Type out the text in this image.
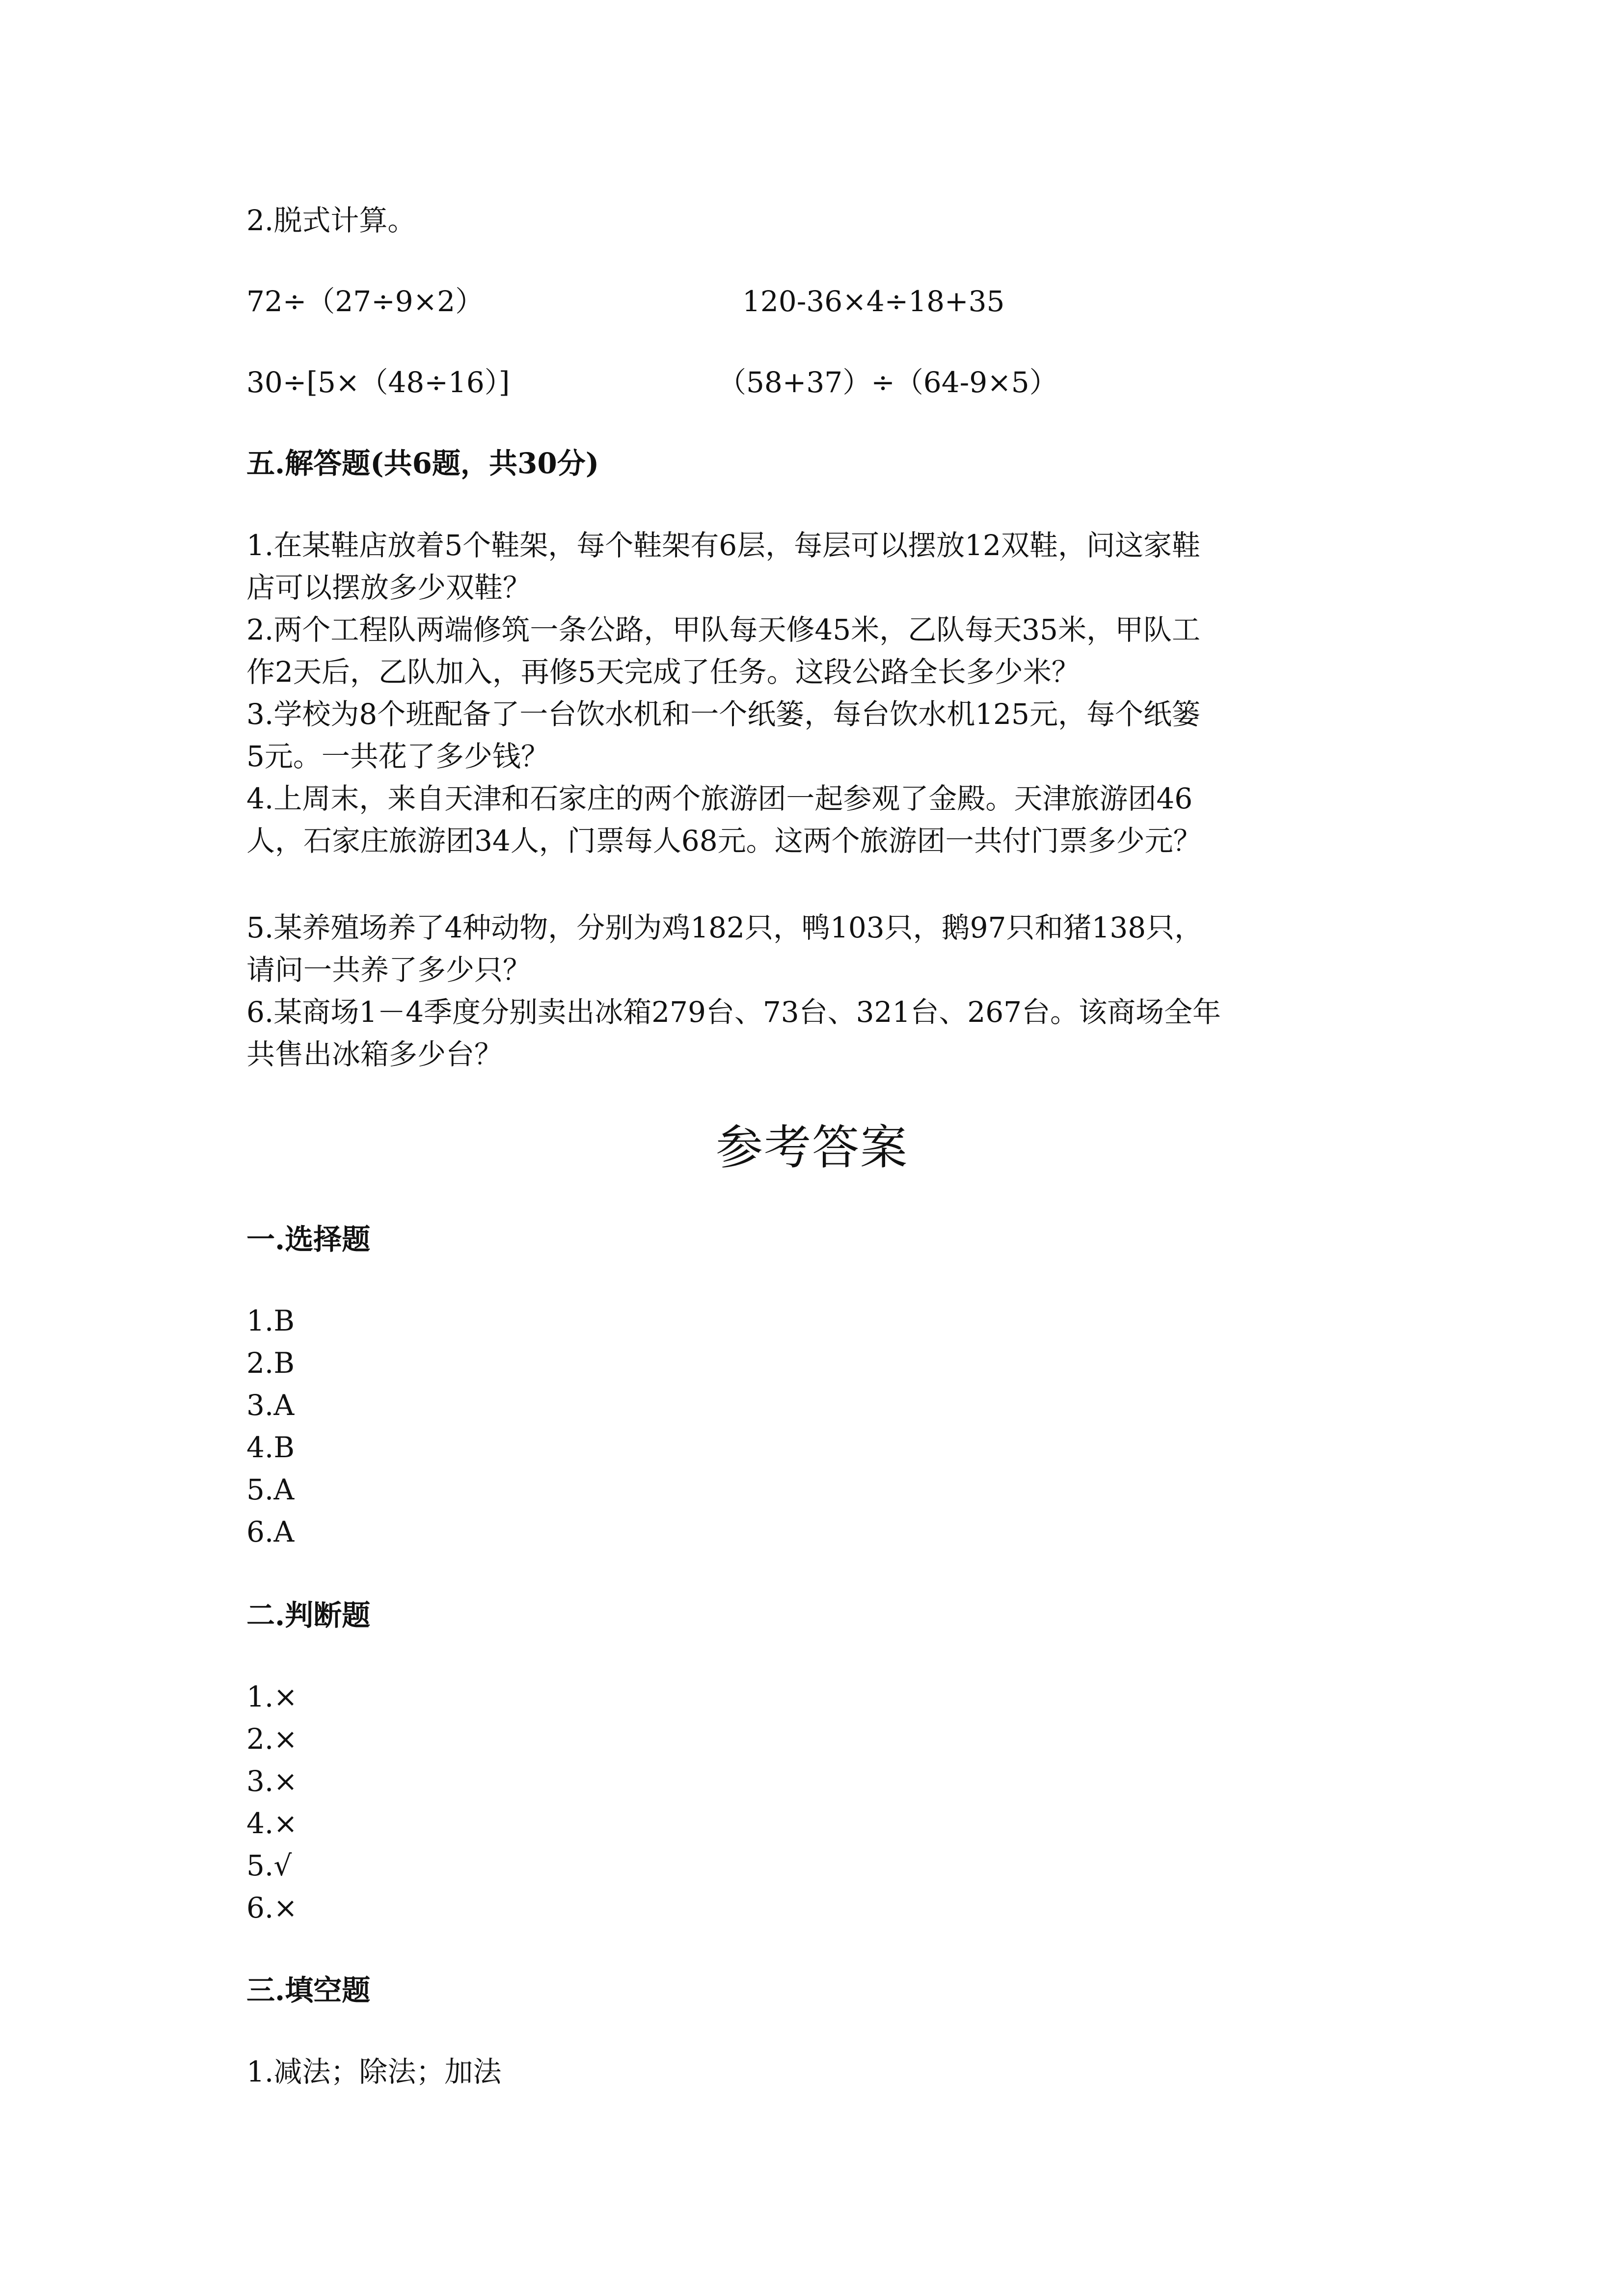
2.脱式计算。
72÷（27÷9×2）	120-36×4÷18+35
30÷[5×（48÷16）]	（58+37）÷（64-9×5）
五.解答题(共6题，共30分)
1.在某鞋店放着5个鞋架，每个鞋架有6层，每层可以摆放12双鞋，问这家鞋
店可以摆放多少双鞋？
2.两个工程队两端修筑一条公路，甲队每天修45米，乙队每天35米，甲队工
作2天后，乙队加入，再修5天完成了任务。这段公路全长多少米？
3.学校为8个班配备了一台饮水机和一个纸篓，每台饮水机125元，每个纸篓
5元。一共花了多少钱？
4.上周末，来自天津和石家庄的两个旅游团一起参观了金殿。天津旅游团46
人，石家庄旅游团34人，门票每人68元。这两个旅游团一共付门票多少元？
5.某养殖场养了4种动物，分别为鸡182只，鸭103只，鹅97只和猪138只，
请问一共养了多少只？
6.某商场1－4季度分别卖出冰箱279台、73台、321台、267台。该商场全年
共售出冰箱多少台？
参考答案
一.选择题
1.B
2.B
3.A
4.B
5.A
6.A
二.判断题
1.×
2.×
3.×
4.×
5.√
6.×
三.填空题
1.减法；除法；加法
